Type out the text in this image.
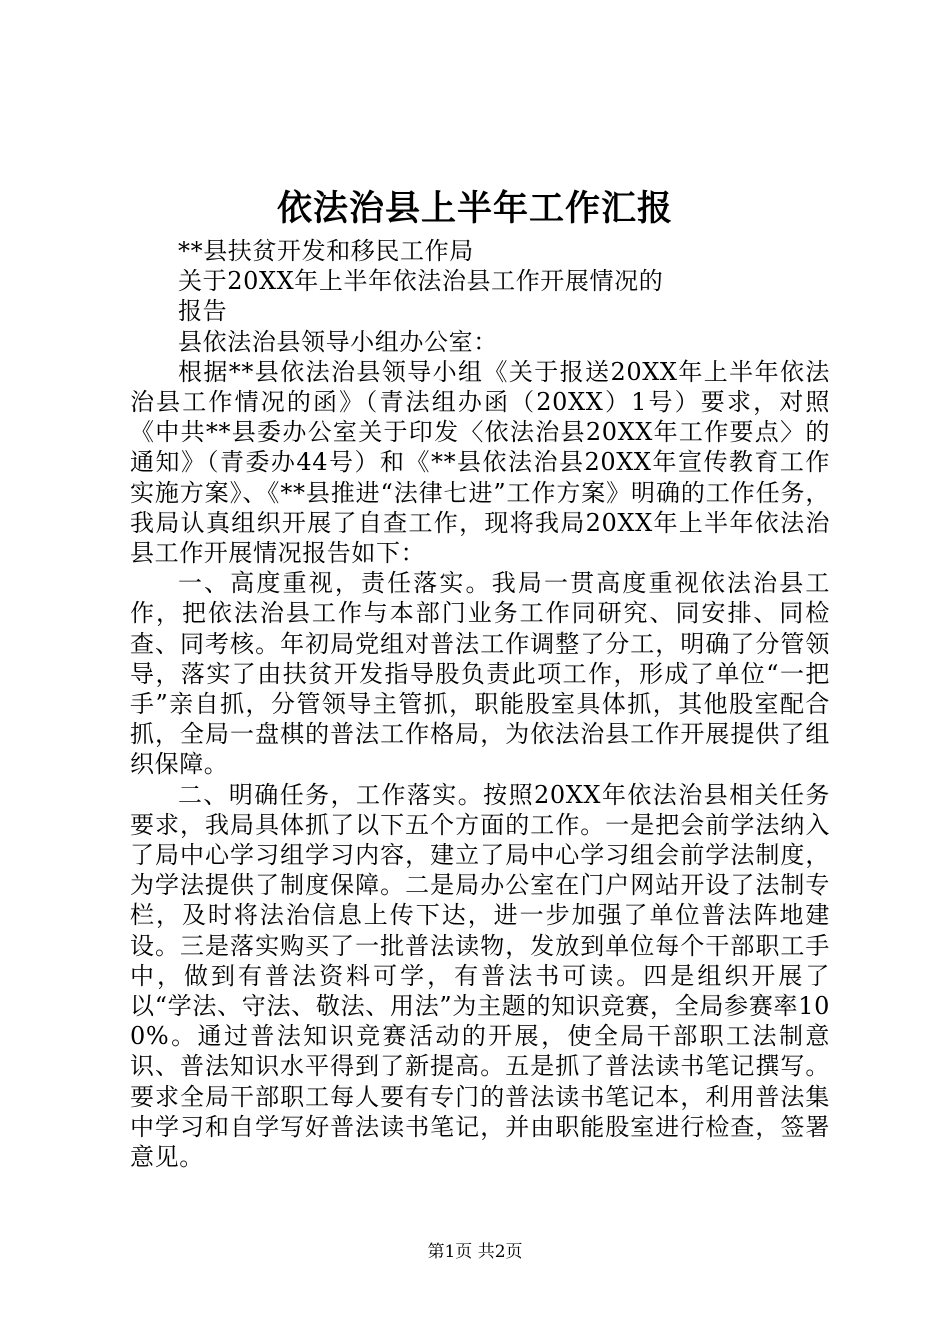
依法治县上半年工作汇报

**县扶贫开发和移民工作局

关于20XX年上半年依法治县工作开展情况的

报告

县依法治县领导小组办公室：

根据**县依法治县领导小组《关于报送20XX年上半年依法治县工作情况的函》（青法组办函（20XX）1号）要求，对照《中共**县委办公室关于印发〈依法治县20XX年工作要点〉的通知》（青委办44号）和《**县依法治县20XX年宣传教育工作实施方案》、《**县推进“法律七进”工作方案》明确的工作任务，我局认真组织开展了自查工作，现将我局20XX年上半年依法治县工作开展情况报告如下：

一、高度重视，责任落实。我局一贯高度重视依法治县工作，把依法治县工作与本部门业务工作同研究、同安排、同检查、同考核。年初局党组对普法工作调整了分工，明确了分管领导，落实了由扶贫开发指导股负责此项工作，形成了单位“一把手”亲自抓，分管领导主管抓，职能股室具体抓，其他股室配合抓，全局一盘棋的普法工作格局，为依法治县工作开展提供了组织保障。

二、明确任务，工作落实。按照20XX年依法治县相关任务要求，我局具体抓了以下五个方面的工作。一是把会前学法纳入了局中心学习组学习内容，建立了局中心学习组会前学法制度，为学法提供了制度保障。二是局办公室在门户网站开设了法制专栏，及时将法治信息上传下达，进一步加强了单位普法阵地建设。三是落实购买了一批普法读物，发放到单位每个干部职工手中，做到有普法资料可学，有普法书可读。四是组织开展了以“学法、守法、敬法、用法”为主题的知识竞赛，全局参赛率100%。通过普法知识竞赛活动的开展，使全局干部职工法制意识、普法知识水平得到了新提高。五是抓了普法读书笔记撰写。要求全局干部职工每人要有专门的普法读书笔记本，利用普法集中学习和自学写好普法读书笔记，并由职能股室进行检查，签署意见。

第1页 共2页
